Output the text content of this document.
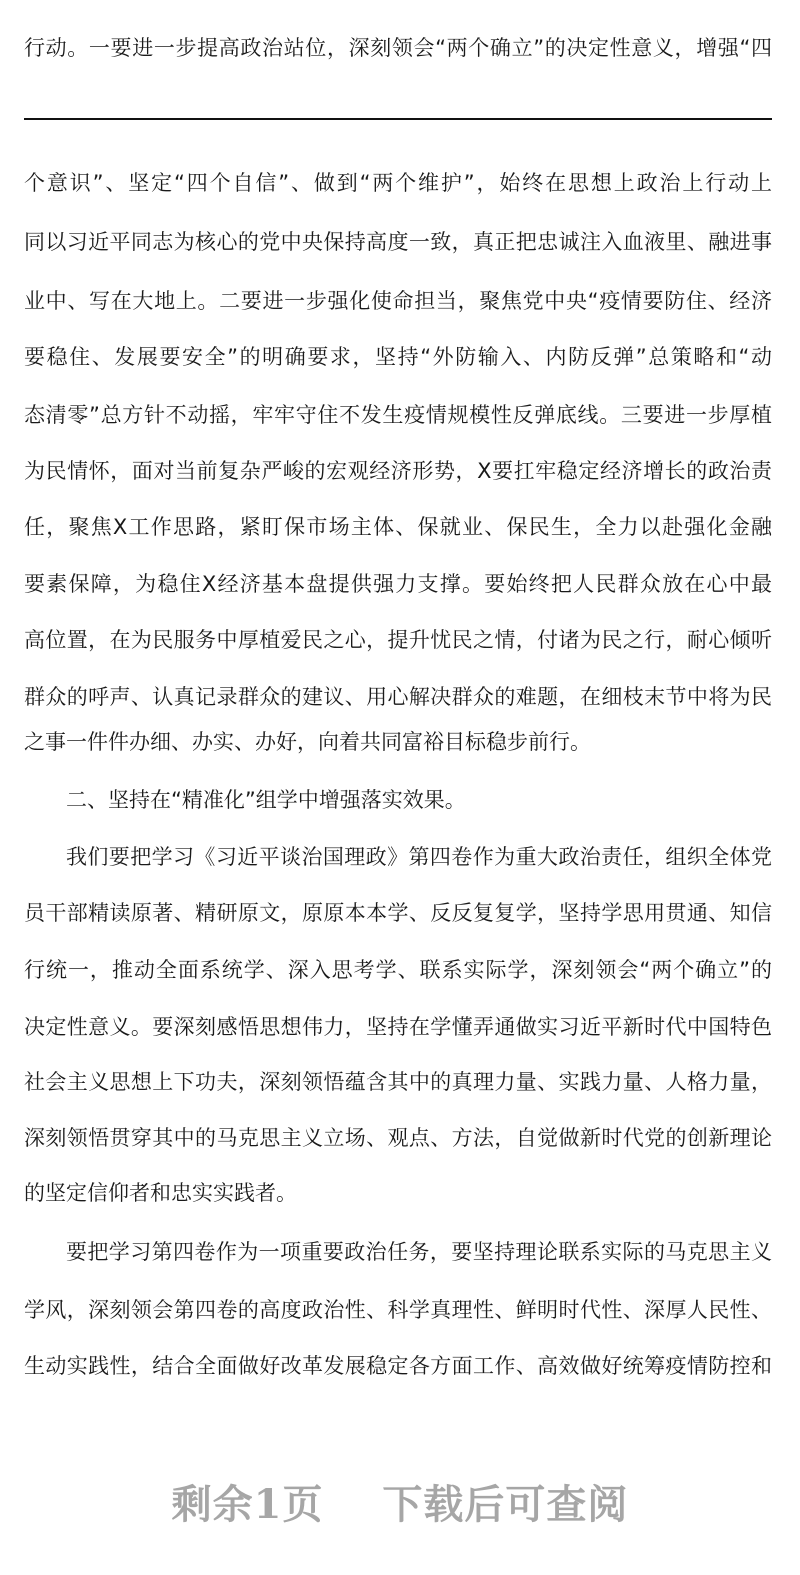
行动。一要进一步提高政治站位，深刻领会“两个确立”的决定性意义，增强“四
个意识”、坚定“四个自信”、做到“两个维护”，始终在思想上政治上行动上
同以习近平同志为核心的党中央保持高度一致，真正把忠诚注入血液里、融进事
业中、写在大地上。二要进一步强化使命担当，聚焦党中央“疫情要防住、经济
要稳住、发展要安全”的明确要求，坚持“外防输入、内防反弹”总策略和“动
态清零”总方针不动摇，牢牢守住不发生疫情规模性反弹底线。三要进一步厚植
为民情怀，面对当前复杂严峻的宏观经济形势，X要扛牢稳定经济增长的政治责
任，聚焦X工作思路，紧盯保市场主体、保就业、保民生，全力以赴强化金融
要素保障，为稳住X经济基本盘提供强力支撑。要始终把人民群众放在心中最
高位置，在为民服务中厚植爱民之心，提升忧民之情，付诸为民之行，耐心倾听
群众的呼声、认真记录群众的建议、用心解决群众的难题，在细枝末节中将为民
之事一件件办细、办实、办好，向着共同富裕目标稳步前行。
二、坚持在“精准化”组学中增强落实效果。
我们要把学习《习近平谈治国理政》第四卷作为重大政治责任，组织全体党
员干部精读原著、精研原文，原原本本学、反反复复学，坚持学思用贯通、知信
行统一，推动全面系统学、深入思考学、联系实际学，深刻领会“两个确立”的
决定性意义。要深刻感悟思想伟力，坚持在学懂弄通做实习近平新时代中国特色
社会主义思想上下功夫，深刻领悟蕴含其中的真理力量、实践力量、人格力量，
深刻领悟贯穿其中的马克思主义立场、观点、方法，自觉做新时代党的创新理论
的坚定信仰者和忠实实践者。
要把学习第四卷作为一项重要政治任务，要坚持理论联系实际的马克思主义
学风，深刻领会第四卷的高度政治性、科学真理性、鲜明时代性、深厚人民性、
生动实践性，结合全面做好改革发展稳定各方面工作、高效做好统筹疫情防控和
剩余1页 下载后可查阅
